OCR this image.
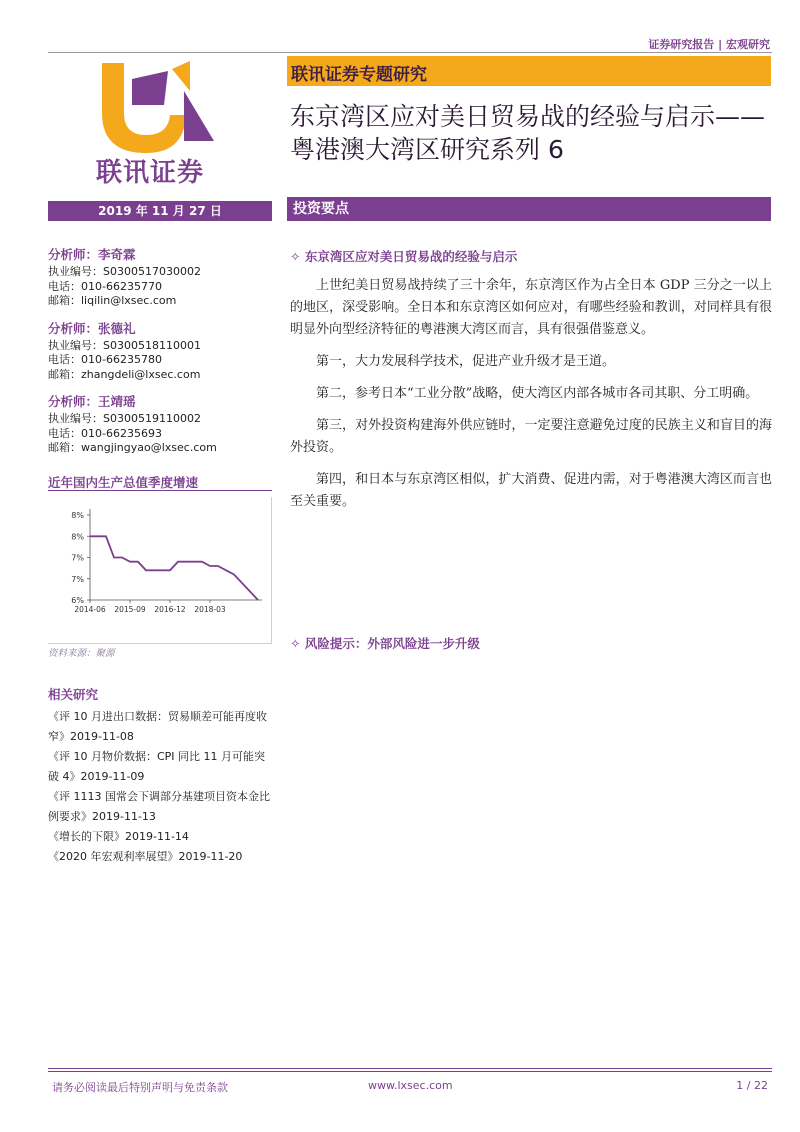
证券研究报告 | 宏观研究
联讯证券
联讯证券专题研究
东京湾区应对美日贸易战的经验与启示——粤港澳大湾区研究系列 6
2019 年 11 月 27 日	投资要点
分析师：李奇霖
执业编号：S0300517030002
电话：010-66235770
邮箱：liqilin@lxsec.com
分析师：张德礼
执业编号：S0300518110001
电话：010-66235780
邮箱：zhangdeli@lxsec.com
分析师：王靖瑶
执业编号：S0300519110002
电话：010-66235693
邮箱：wangjingyao@lxsec.com
近年国内生产总值季度增速
8%
8%
7%
7%
6%
2014-06 2015-09 2016-12 2018-03
资料来源：聚源
相关研究
《评 10 月进出口数据：贸易顺差可能再度收窄》2019-11-08
《评 10 月物价数据：CPI 同比 11 月可能突破 4》2019-11-09
《评 1113 国常会下调部分基建项目资本金比例要求》2019-11-13
《增长的下限》2019-11-14
《2020 年宏观利率展望》2019-11-20
✧ 东京湾区应对美日贸易战的经验与启示

上世纪美日贸易战持续了三十余年，东京湾区作为占全日本 GDP 三分之一以上的地区，深受影响。全日本和东京湾区如何应对，有哪些经验和教训，对同样具有很明显外向型经济特征的粤港澳大湾区而言，具有很强借鉴意义。

第一，大力发展科学技术，促进产业升级才是王道。

第二，参考日本“工业分散”战略，使大湾区内部各城市各司其职、分工明确。

第三，对外投资构建海外供应链时，一定要注意避免过度的民族主义和盲目的海外投资。

第四，和日本与东京湾区相似，扩大消费、促进内需，对于粤港澳大湾区而言也至关重要。

✧ 风险提示：外部风险进一步升级
请务必阅读最后特别声明与免责条款	www.lxsec.com	1 / 22
